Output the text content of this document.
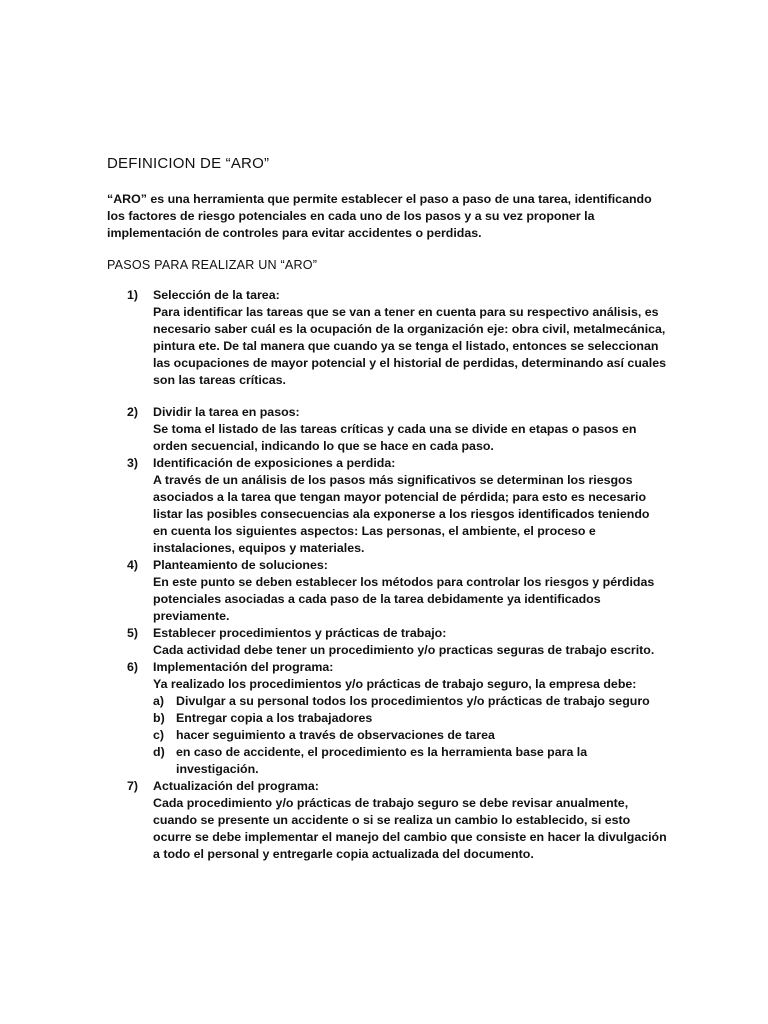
DEFINICION DE “ARO”

“ARO” es una herramienta que permite establecer el paso a paso de una tarea, identificando los factores de riesgo potenciales en cada uno de los pasos y a su vez proponer la implementación de controles para evitar accidentes o perdidas.

PASOS PARA REALIZAR UN “ARO”
1) Selección de la tarea:
Para identificar las tareas que se van a tener en cuenta para su respectivo análisis, es necesario saber cuál es la ocupación de la organización eje: obra civil, metalmecánica, pintura ete. De tal manera que cuando ya se tenga el listado, entonces se seleccionan las ocupaciones de mayor potencial y el historial de perdidas, determinando así cuales son las tareas críticas.
2) Dividir la tarea en pasos:
Se toma el listado de las tareas críticas y cada una se divide en etapas o pasos en orden secuencial, indicando lo que se hace en cada paso.
3) Identificación de exposiciones a perdida:
A través de un análisis de los pasos más significativos se determinan los riesgos asociados a la tarea que tengan mayor potencial de pérdida; para esto es necesario listar las posibles consecuencias ala exponerse a los riesgos identificados teniendo en cuenta los siguientes aspectos: Las personas, el ambiente, el proceso e instalaciones, equipos y materiales.
4) Planteamiento de soluciones:
En este punto se deben establecer los métodos para controlar los riesgos y pérdidas potenciales asociadas a cada paso de la tarea debidamente ya identificados previamente.
5) Establecer procedimientos y prácticas de trabajo:
Cada actividad debe tener un procedimiento y/o practicas seguras de trabajo escrito.
6) Implementación del programa:
Ya realizado los procedimientos y/o prácticas de trabajo seguro, la empresa debe:
a) Divulgar a su personal todos los procedimientos y/o prácticas de trabajo seguro
b) Entregar copia a los trabajadores
c) hacer seguimiento a través de observaciones de tarea
d) en caso de accidente, el procedimiento es la herramienta base para la investigación.
7) Actualización del programa:
Cada procedimiento y/o prácticas de trabajo seguro se debe revisar anualmente, cuando se presente un accidente o si se realiza un cambio lo establecido, si esto ocurre se debe implementar el manejo del cambio que consiste en hacer la divulgación a todo el personal y entregarle copia actualizada del documento.
